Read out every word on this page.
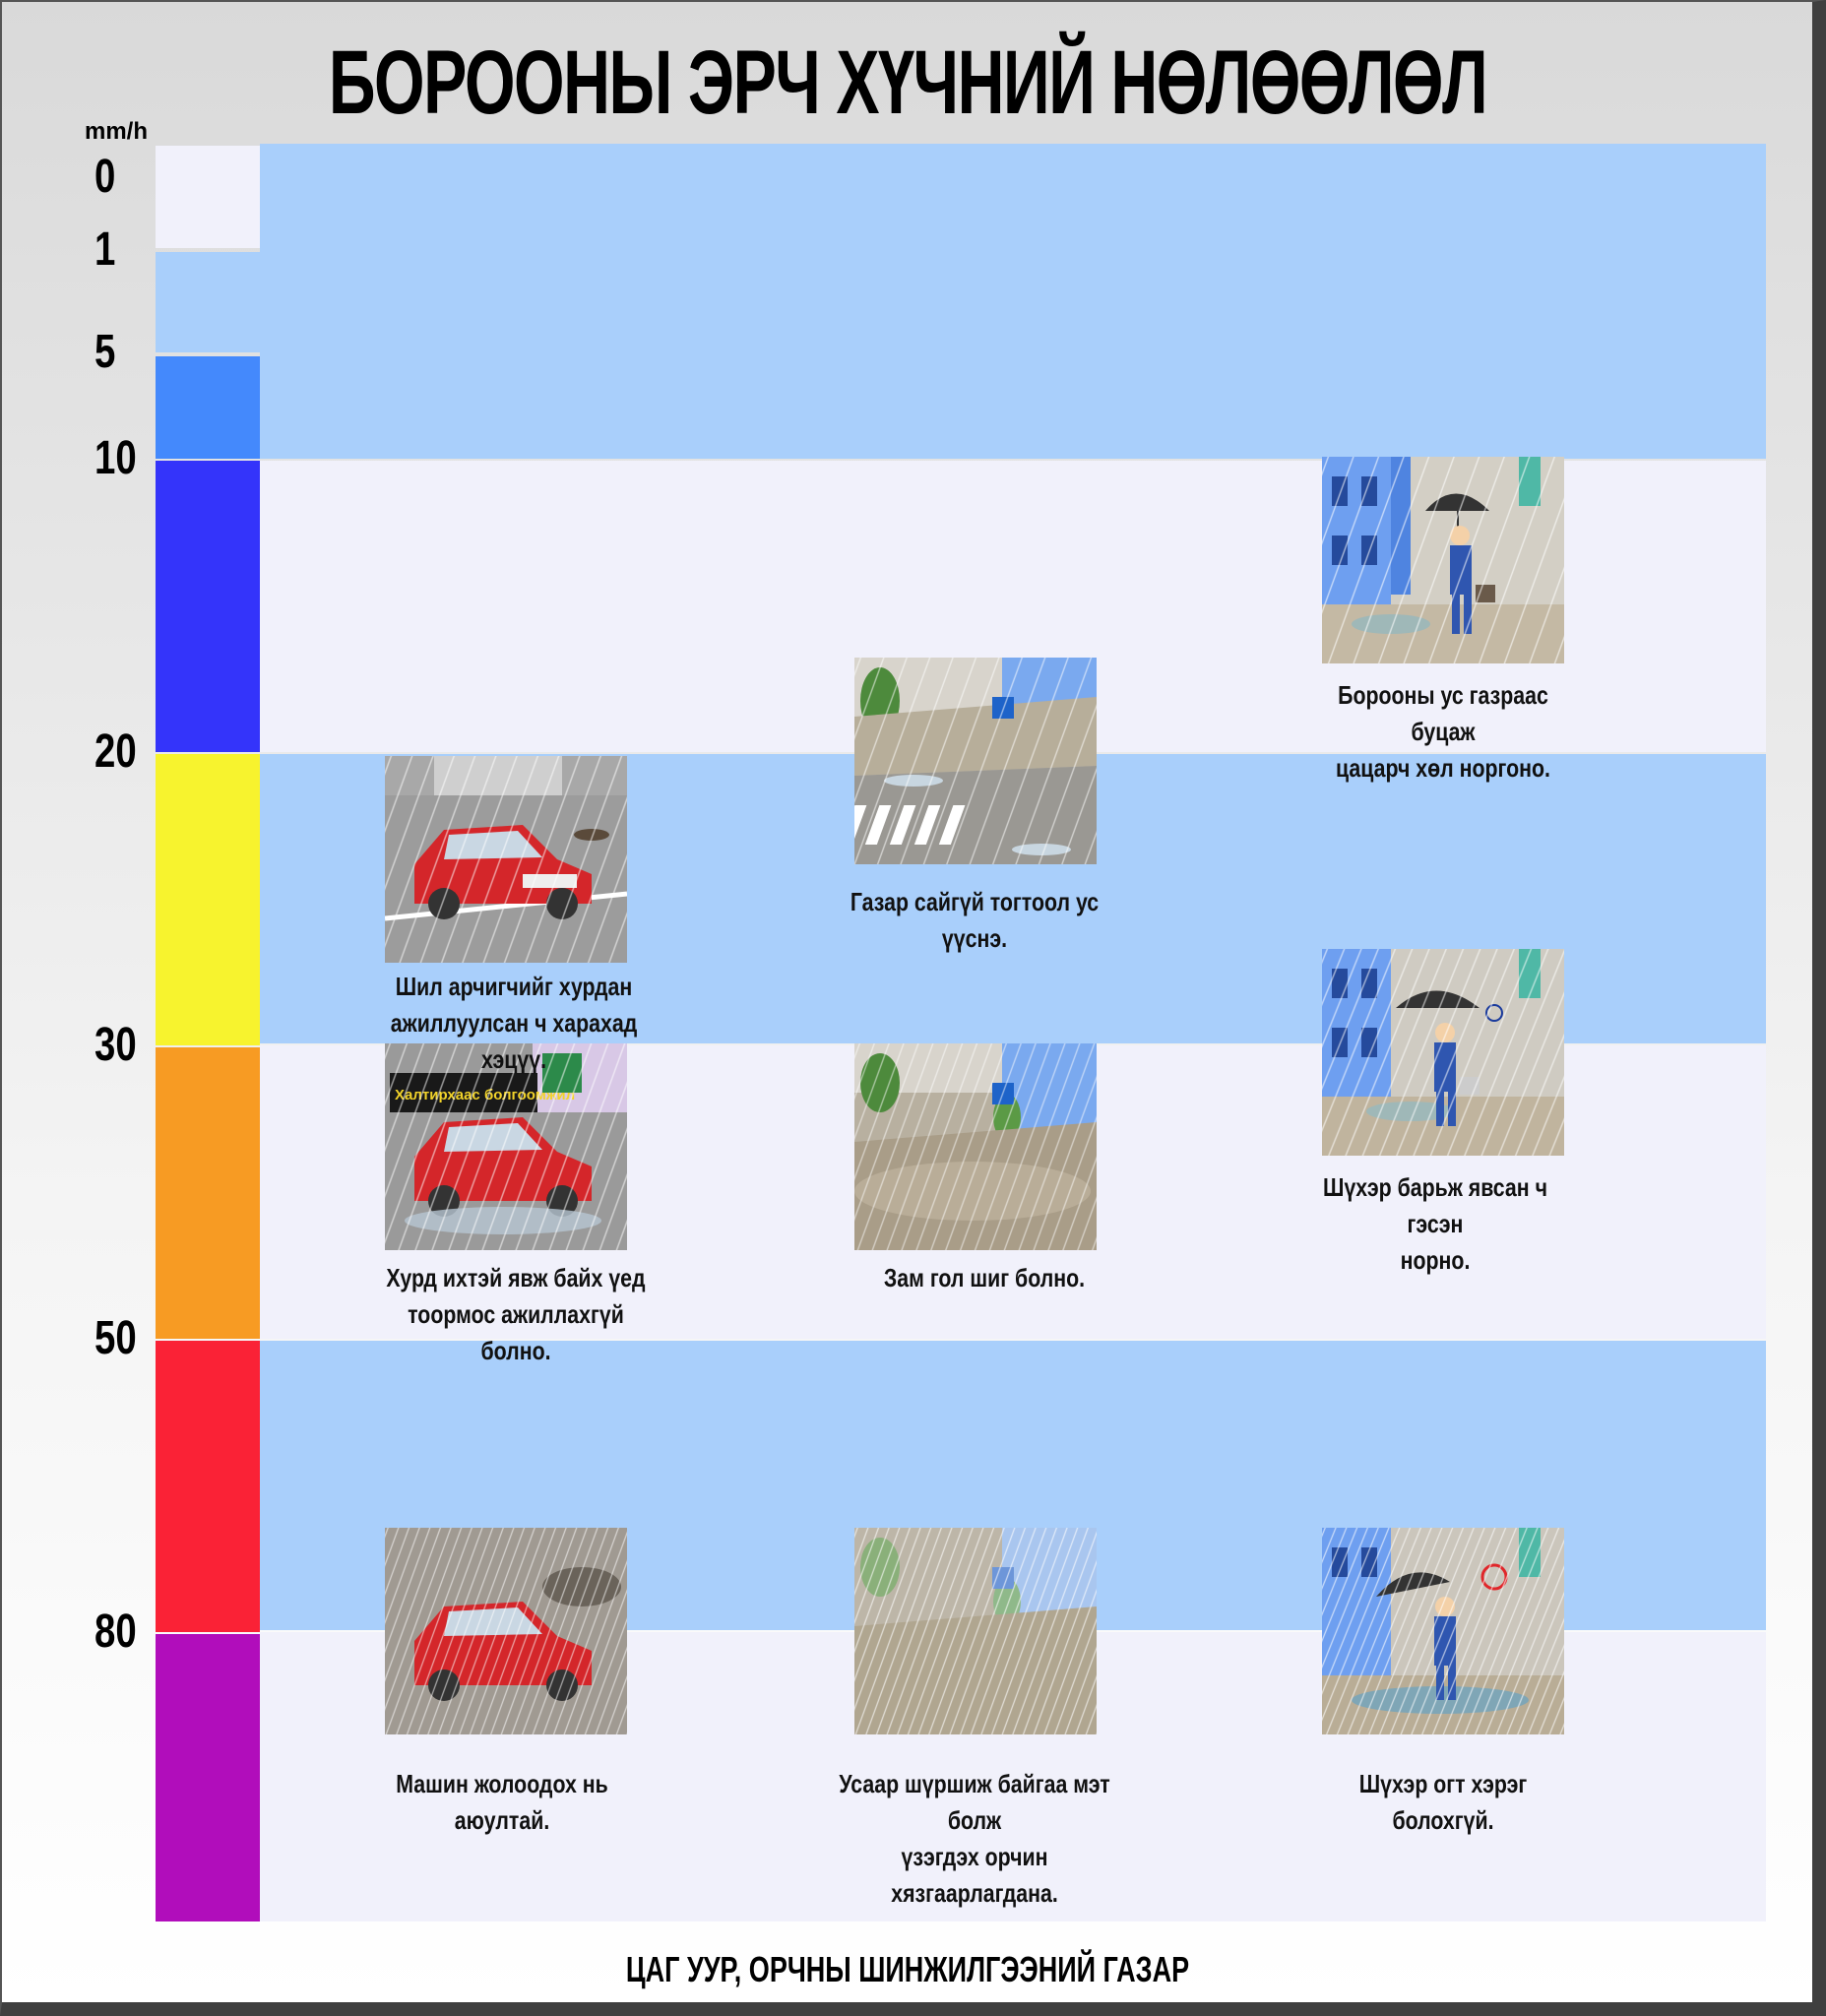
БОРООНЫ ЭРЧ ХҮЧНИЙ НӨЛӨӨЛӨЛ
mm/h
0
1
5
10
20
30
50
80
Борооны ус газраас буцаж
цацарч хөл норгоно.
Газар сайгүй тогтоол ус үүснэ.
Шил арчигчийг хурдан
ажиллуулсан ч харахад хэцүү.
Шүхэр барьж явсан ч гэсэн
норно.
Хурд ихтэй явж байх үед
тоормос ажиллахгүй болно.
Зам гол шиг болно.
Машин жолоодох нь аюултай.
Усаар шүршиж байгаа мэт болж
үзэгдэх орчин хязгаарлагдана.
Шүхэр огт хэрэг болохгүй.
ЦАГ УУР, ОРЧНЫ ШИНЖИЛГЭЭНИЙ ГАЗАР
